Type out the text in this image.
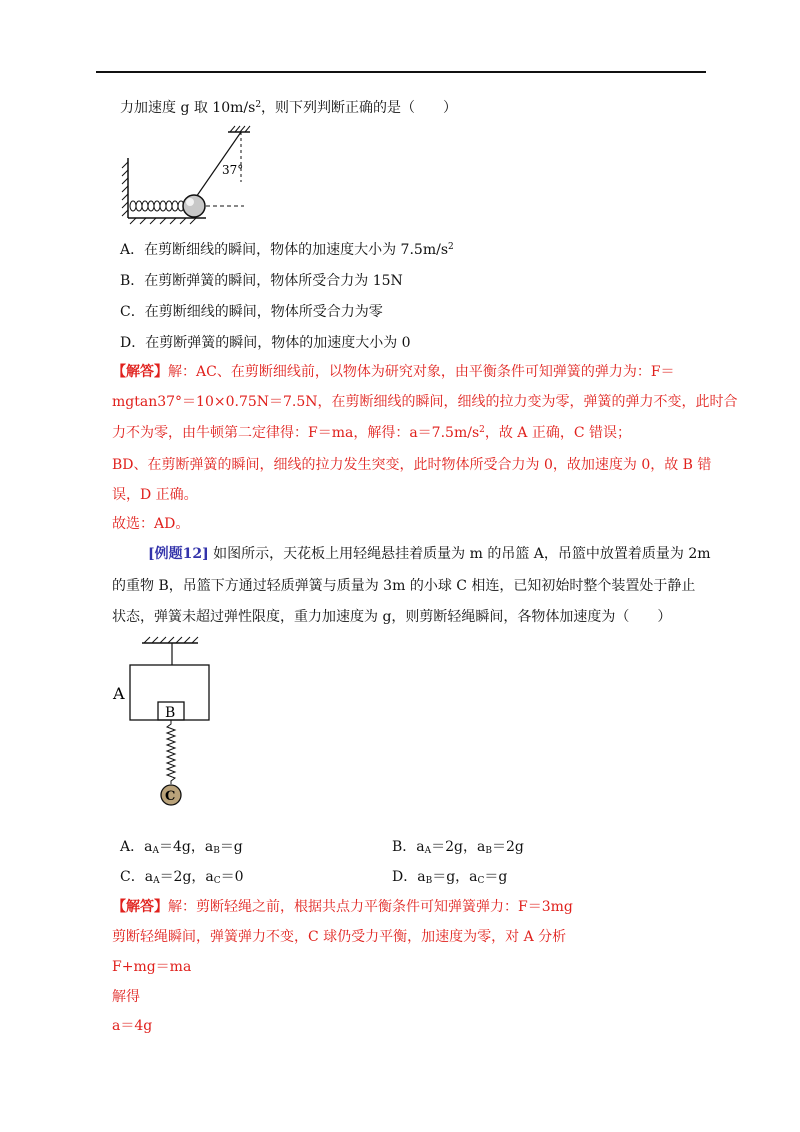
力加速度 g 取 $10m/s^2$，则下列判断正确的是（　　）
37°
A．在剪断细线的瞬间，物体的加速度大小为 $7.5m/s^2$
B．在剪断弹簧的瞬间，物体所受合力为 15N
C．在剪断细线的瞬间，物体所受合力为零
D．在剪断弹簧的瞬间，物体的加速度大小为 0
【解答】解：AC、在剪断细线前，以物体为研究对象，由平衡条件可知弹簧的弹力为：F＝
mgtan37°＝10×0.75N＝7.5N，在剪断细线的瞬间，细线的拉力变为零，弹簧的弹力不变，此时合
力不为零，由牛顿第二定律得：F＝ma，解得：$a=7.5m/s^2$，故 A 正确，C 错误；
BD、在剪断弹簧的瞬间，细线的拉力发生突变，此时物体所受合力为 0，故加速度为 0，故 B 错
误，D 正确。
故选：AD。
[例题12] 如图所示，天花板上用轻绳悬挂着质量为 m 的吊篮 A，吊篮中放置着质量为 2m
的重物 B，吊篮下方通过轻质弹簧与质量为 3m 的小球 C 相连，已知初始时整个装置处于静止
状态，弹簧未超过弹性限度，重力加速度为 g，则剪断轻绳瞬间，各物体加速度为（　　）
A
B
C
A．$a_A=4g$，$a_B=g$	B．$a_A=2g$，$a_B=2g$
C．$a_A=2g$，$a_C=0$	D．$a_B=g$，$a_C=g$
【解答】解：剪断轻绳之前，根据共点力平衡条件可知弹簧弹力：F＝3mg
剪断轻绳瞬间，弹簧弹力不变，C 球仍受力平衡，加速度为零，对 A 分析
F+mg＝ma
解得
a＝4g
